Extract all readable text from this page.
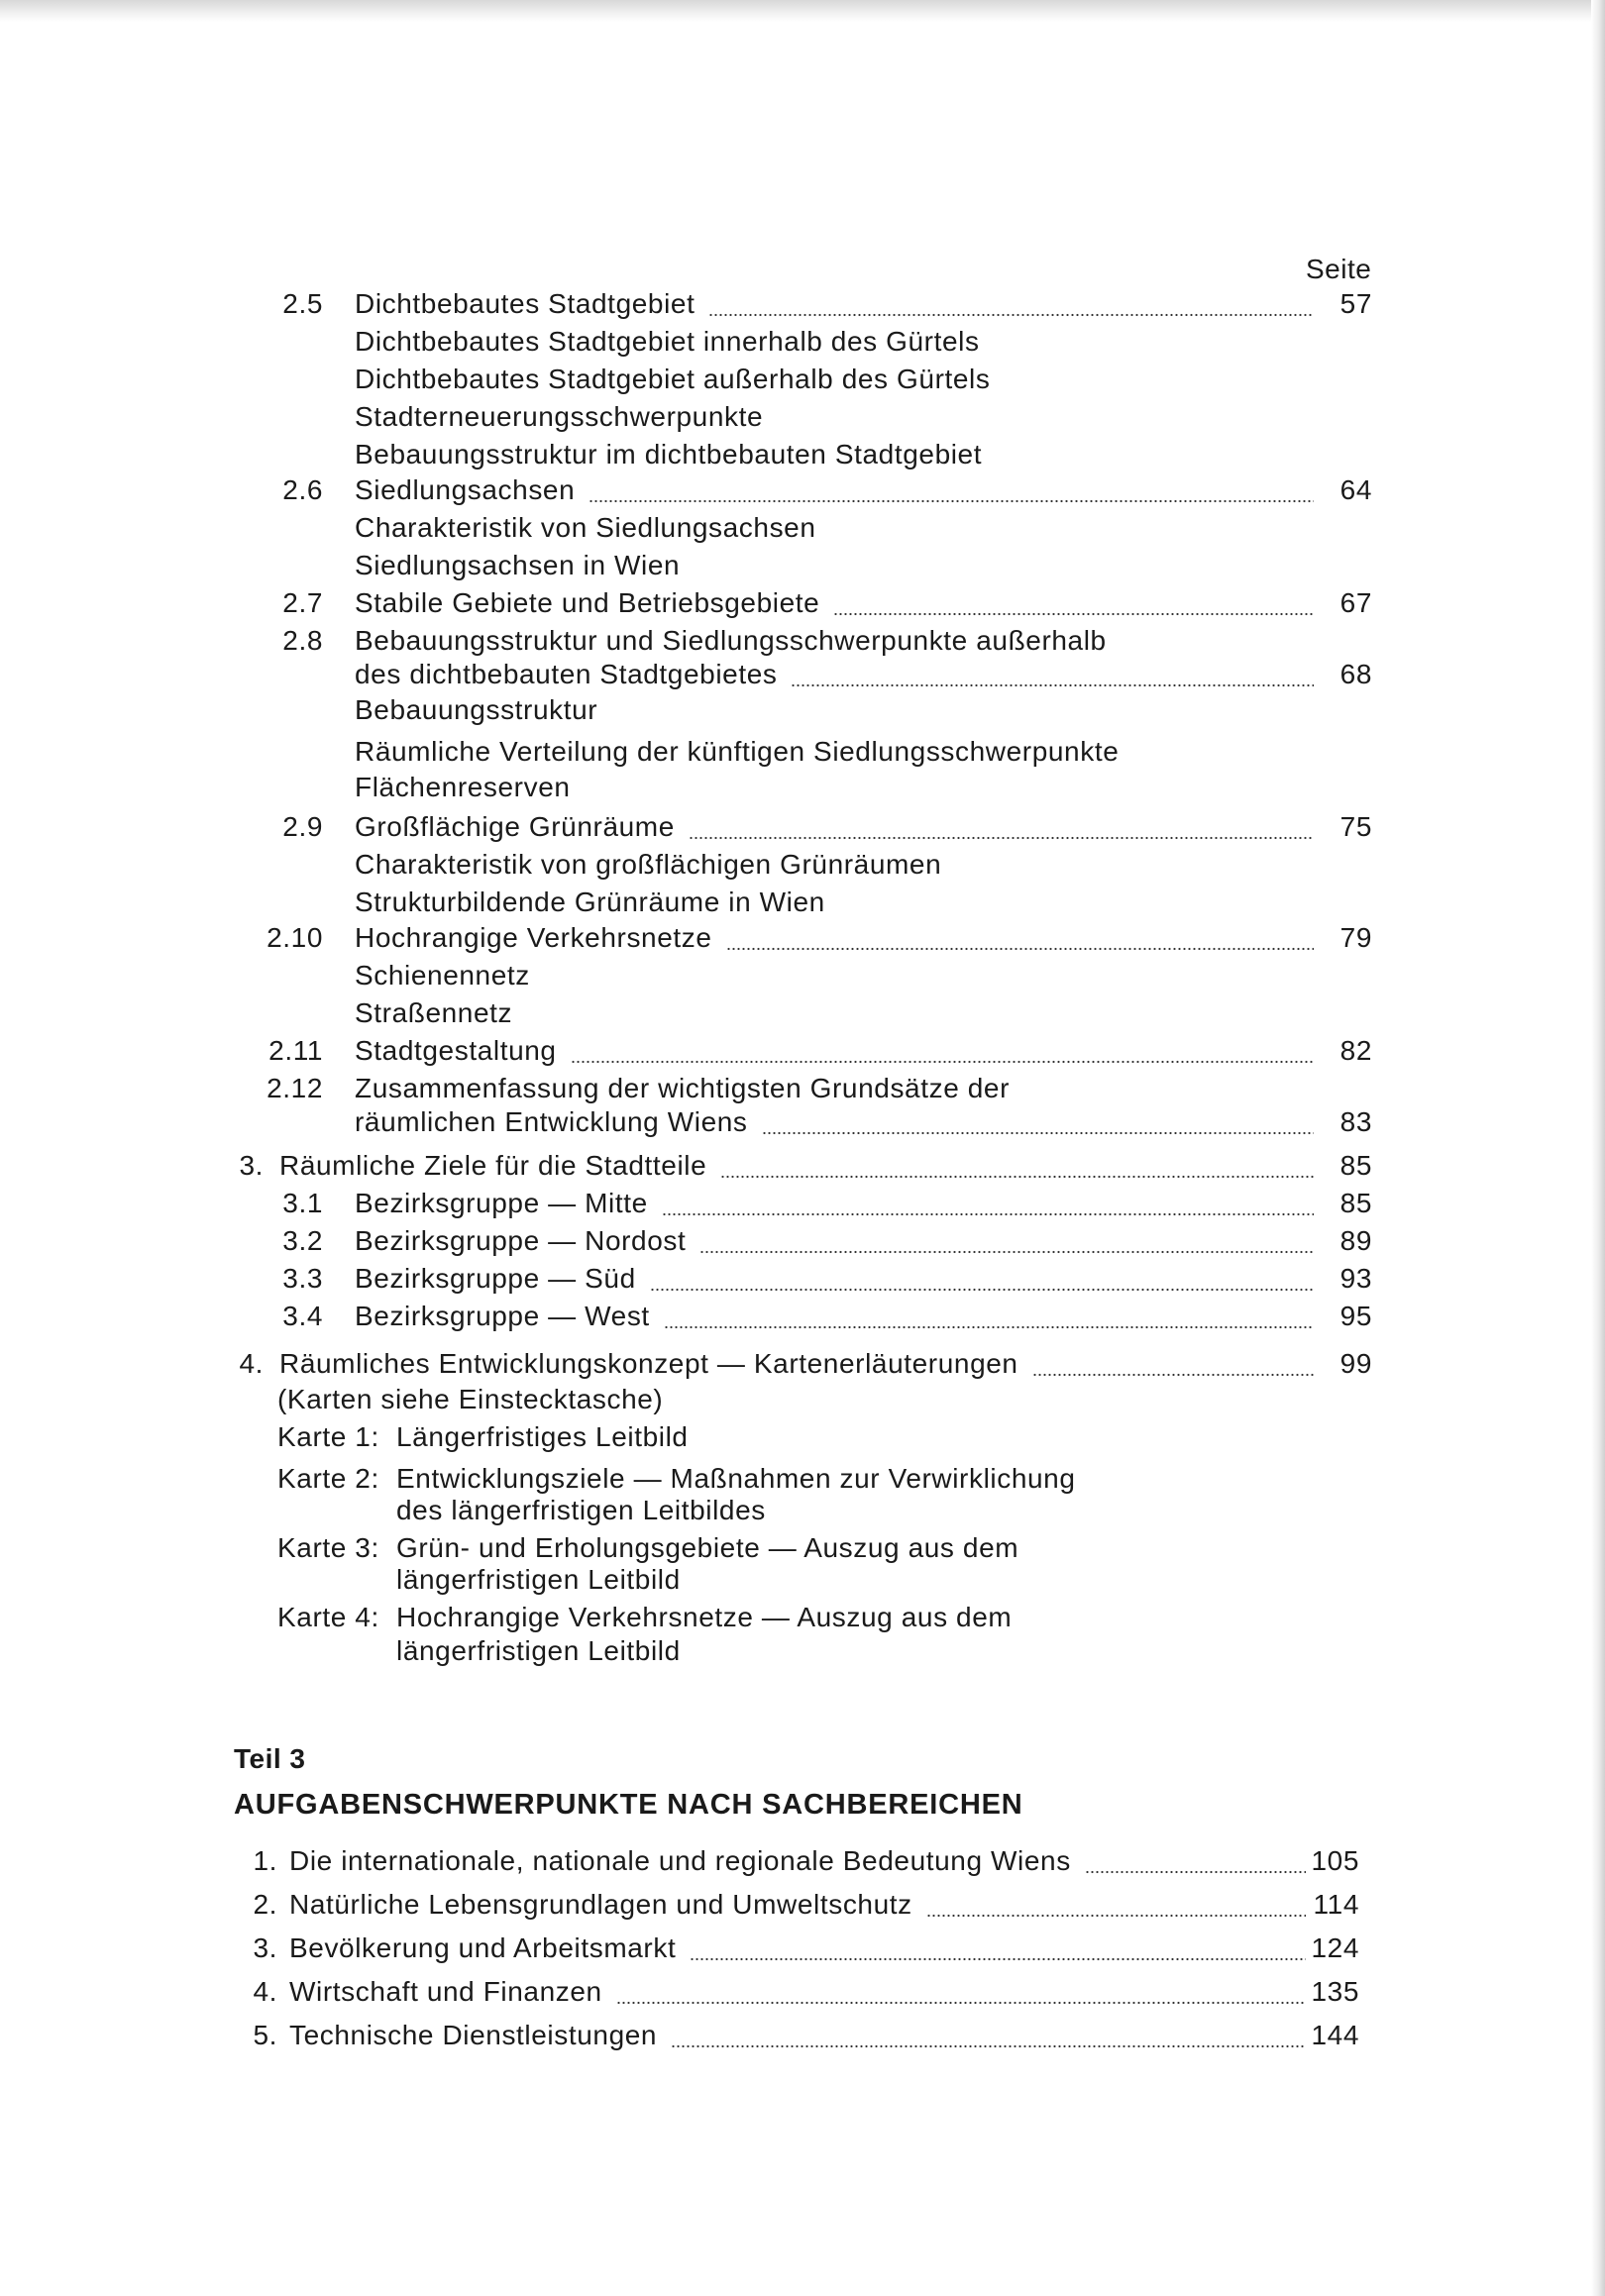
Seite
2.5 Dichtbebautes Stadtgebiet	57
Dichtbebautes Stadtgebiet innerhalb des Gürtels
Dichtbebautes Stadtgebiet außerhalb des Gürtels
Stadterneuerungsschwerpunkte
Bebauungsstruktur im dichtbebauten Stadtgebiet
2.6 Siedlungsachsen	64
Charakteristik von Siedlungsachsen
Siedlungsachsen in Wien
2.7 Stabile Gebiete und Betriebsgebiete	67
2.8 Bebauungsstruktur und Siedlungsschwerpunkte außerhalb
des dichtbebauten Stadtgebietes	68
Bebauungsstruktur
Räumliche Verteilung der künftigen Siedlungsschwerpunkte
Flächenreserven
2.9 Großflächige Grünräume	75
Charakteristik von großflächigen Grünräumen
Strukturbildende Grünräume in Wien
2.10 Hochrangige Verkehrsnetze	79
Schienennetz
Straßennetz
2.11 Stadtgestaltung	82
2.12 Zusammenfassung der wichtigsten Grundsätze der
räumlichen Entwicklung Wiens	83
3. Räumliche Ziele für die Stadtteile	85
3.1 Bezirksgruppe — Mitte	85
3.2 Bezirksgruppe — Nordost	89
3.3 Bezirksgruppe — Süd	93
3.4 Bezirksgruppe — West	95
4. Räumliches Entwicklungskonzept — Kartenerläuterungen	99
(Karten siehe Einstecktasche)
Karte 1: Längerfristiges Leitbild
Karte 2: Entwicklungsziele — Maßnahmen zur Verwirklichung
des längerfristigen Leitbildes
Karte 3: Grün- und Erholungsgebiete — Auszug aus dem
längerfristigen Leitbild
Karte 4: Hochrangige Verkehrsnetze — Auszug aus dem
längerfristigen Leitbild
Teil 3
AUFGABENSCHWERPUNKTE NACH SACHBEREICHEN
1. Die internationale, nationale und regionale Bedeutung Wiens	105
2. Natürliche Lebensgrundlagen und Umweltschutz	114
3. Bevölkerung und Arbeitsmarkt	124
4. Wirtschaft und Finanzen	135
5. Technische Dienstleistungen	144
